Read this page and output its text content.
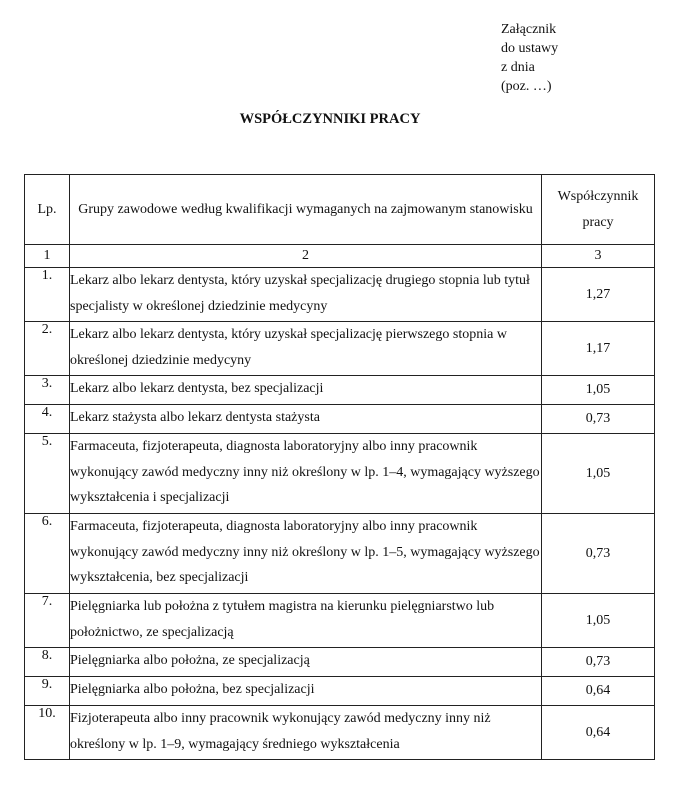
Załącznik
do ustawy
z dnia
(poz. …)
WSPÓŁCZYNNIKI PRACY
Lp.	Grupy zawodowe według kwalifikacji wymaganych na zajmowanym stanowisku	Współczynnik
pracy

1	2	3
1.	Lekarz albo lekarz dentysta, który uzyskał specjalizację drugiego stopnia lub tytuł specjalisty w określonej dziedzinie medycyny	1,27
2.	Lekarz albo lekarz dentysta, który uzyskał specjalizację pierwszego stopnia w określonej dziedzinie medycyny	1,17
3.	Lekarz albo lekarz dentysta, bez specjalizacji	1,05
4.	Lekarz stażysta albo lekarz dentysta stażysta	0,73
5.	Farmaceuta, fizjoterapeuta, diagnosta laboratoryjny albo inny pracownik wykonujący zawód medyczny inny niż określony w lp. 1–4, wymagający wyższego wykształcenia i specjalizacji	1,05
6.	Farmaceuta, fizjoterapeuta, diagnosta laboratoryjny albo inny pracownik wykonujący zawód medyczny inny niż określony w lp. 1–5, wymagający wyższego wykształcenia, bez specjalizacji	0,73
7.	Pielęgniarka lub położna z tytułem magistra na kierunku pielęgniarstwo lub położnictwo, ze specjalizacją	1,05
8.	Pielęgniarka albo położna, ze specjalizacją	0,73
9.	Pielęgniarka albo położna, bez specjalizacji	0,64
10.	Fizjoterapeuta albo inny pracownik wykonujący zawód medyczny inny niż określony w lp. 1–9, wymagający średniego wykształcenia	0,64
